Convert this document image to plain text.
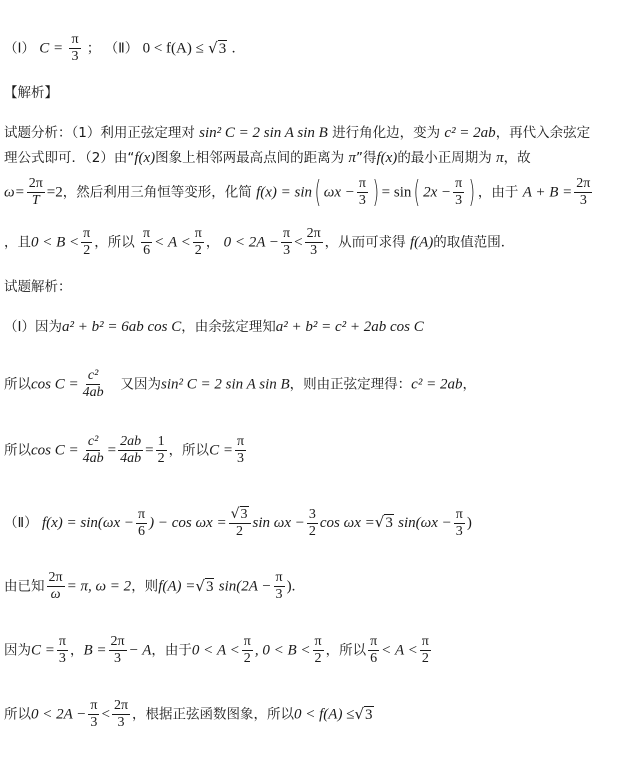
（Ⅰ） $C = \frac{\pi}{3}$ ； （Ⅱ） 0 < f(A) ≤ √3 ．
【解析】
试题分析：（1）利用正弦定理对 sin² C = 2 sin A sin B 进行角化边，变为 c² = 2ab，再代入余弦定
理公式即可．（2）由“f(x)图象上相邻两最高点间的距离为 π”得f(x)的最小正周期为 π，故
$\omega= \frac{2\pi}{T} =2$，然后利用三角恒等变形，化简 f(x) = sin( $\omega x - \frac{\pi}{3}$ ) = sin( $2x - \frac{\pi}{3}$ ) ，由于 $A + B = \frac{2\pi}{3}$
，且$0 < B < \frac{\pi}{2}$ ，所以 $\frac{\pi}{6} < A < \frac{\pi}{2}$ ， $0 < 2A - \frac{\pi}{3} < \frac{2\pi}{3}$ ，从而可求得 f(A)的取值范围．
试题解析：
（Ⅰ）因为a² + b² = 6ab cos C，由余弦定理知a² + b² = c² + 2ab cos C
所以$\cos C = \frac{\text{c²}}{4ab}$ 又因为sin² C = 2 sin A sin B，则由正弦定理得：c² = 2ab，
所以$\cos C = \frac{\text{c²}}{4ab} = \frac{2ab}{4ab} = \frac{1}{2}$ ，所以$C = \frac{\pi}{3}$
（Ⅱ） $f(x) = \sin(\omega x - \frac{\pi}{6}$ ) − $\cos \omega x = \frac{√3}{2}$ $\sin \omega x - \frac{3}{2}$ cos ωx =√3 $\sin(\omega x - \frac{\pi}{3}$ )
由已知 $\frac{2\pi}{\omega} = \pi$, ω = 2，则f(A) =√3 $\sin(2A - \frac{\pi}{3}$ ).
因为$C = \frac{\pi}{3}$ ，$B = \frac{2\pi}{3} - A$，由于$0 < A < \frac{\pi}{2}$ , $0 < B < \frac{\pi}{2}$ ，所以 $\frac{\pi}{6} < A < \frac{\pi}{2}$
所以$0 < 2A - \frac{\pi}{3} < \frac{2\pi}{3}$ ，根据正弦函数图象，所以0 < f(A) ≤√3
